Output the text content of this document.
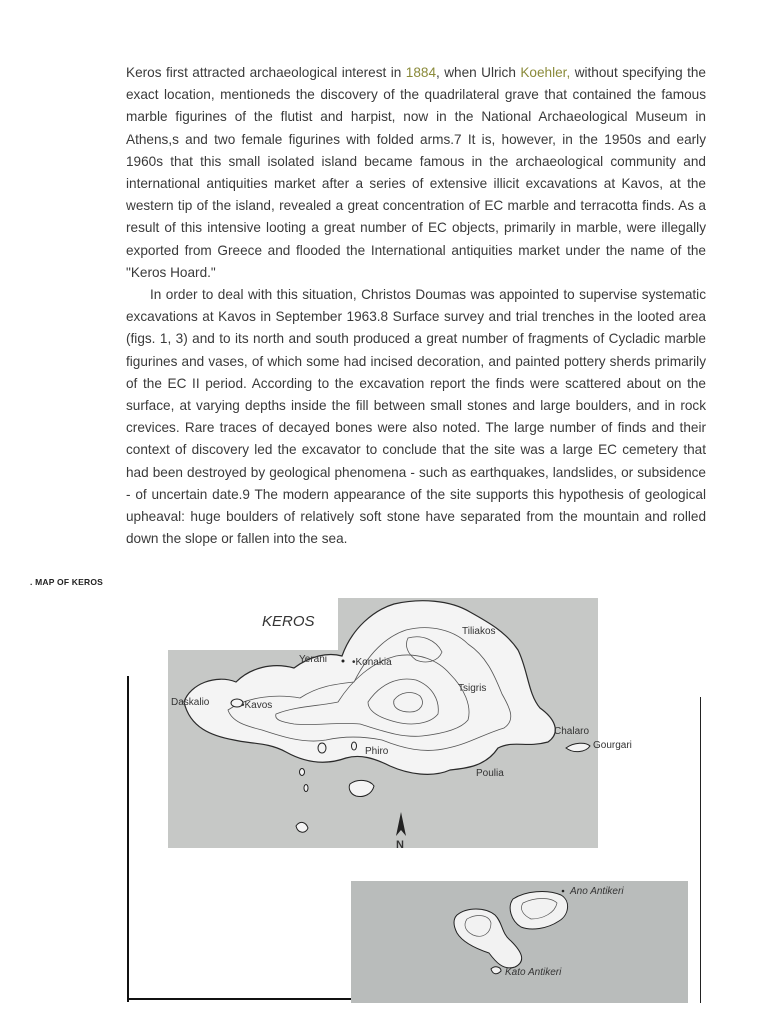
Keros first attracted archaeological interest in 1884, when Ulrich Koehler, without specifying the exact location, mentioneds the discovery of the quadrilateral grave that contained the famous marble figurines of the flutist and harpist, now in the National Archaeological Museum in Athens,s and two female figurines with folded arms.7 It is, however, in the 1950s and early 1960s that this small isolated island became famous in the archaeological community and international antiquities market after a series of extensive illicit excavations at Kavos, at the western tip of the island, revealed a great concentration of EC marble and terracotta finds. As a result of this intensive looting a great number of EC objects, primarily in marble, were illegally exported from Greece and flooded the International antiquities market under the name of the "Keros Hoard."

In order to deal with this situation, Christos Doumas was appointed to supervise systematic excavations at Kavos in September 1963.8 Surface survey and trial trenches in the looted area (figs. 1, 3) and to its north and south produced a great number of fragments of Cycladic marble figurines and vases, of which some had incised decoration, and painted pottery sherds primarily of the EC II period. According to the excavation report the finds were scattered about on the surface, at varying depths inside the fill between small stones and large boulders, and in rock crevices. Rare traces of decayed bones were also noted. The large number of finds and their context of discovery led the excavator to conclude that the site was a large EC cemetery that had been destroyed by geological phenomena - such as earthquakes, landslides, or subsidence - of uncertain date.9 The modern appearance of the site supports this hypothesis of geological upheaval: huge boulders of relatively soft stone have separated from the mountain and rolled down the slope or fallen into the sea.

. MAP OF KEROS
N
KEROS
Tiliakos
Yerani	•Konakia
Tsigris
Daskalio	•Kavos
Chalaro
Phiro
Poulia
Gourgari
Ano Antikeri
Kato Antikeri
